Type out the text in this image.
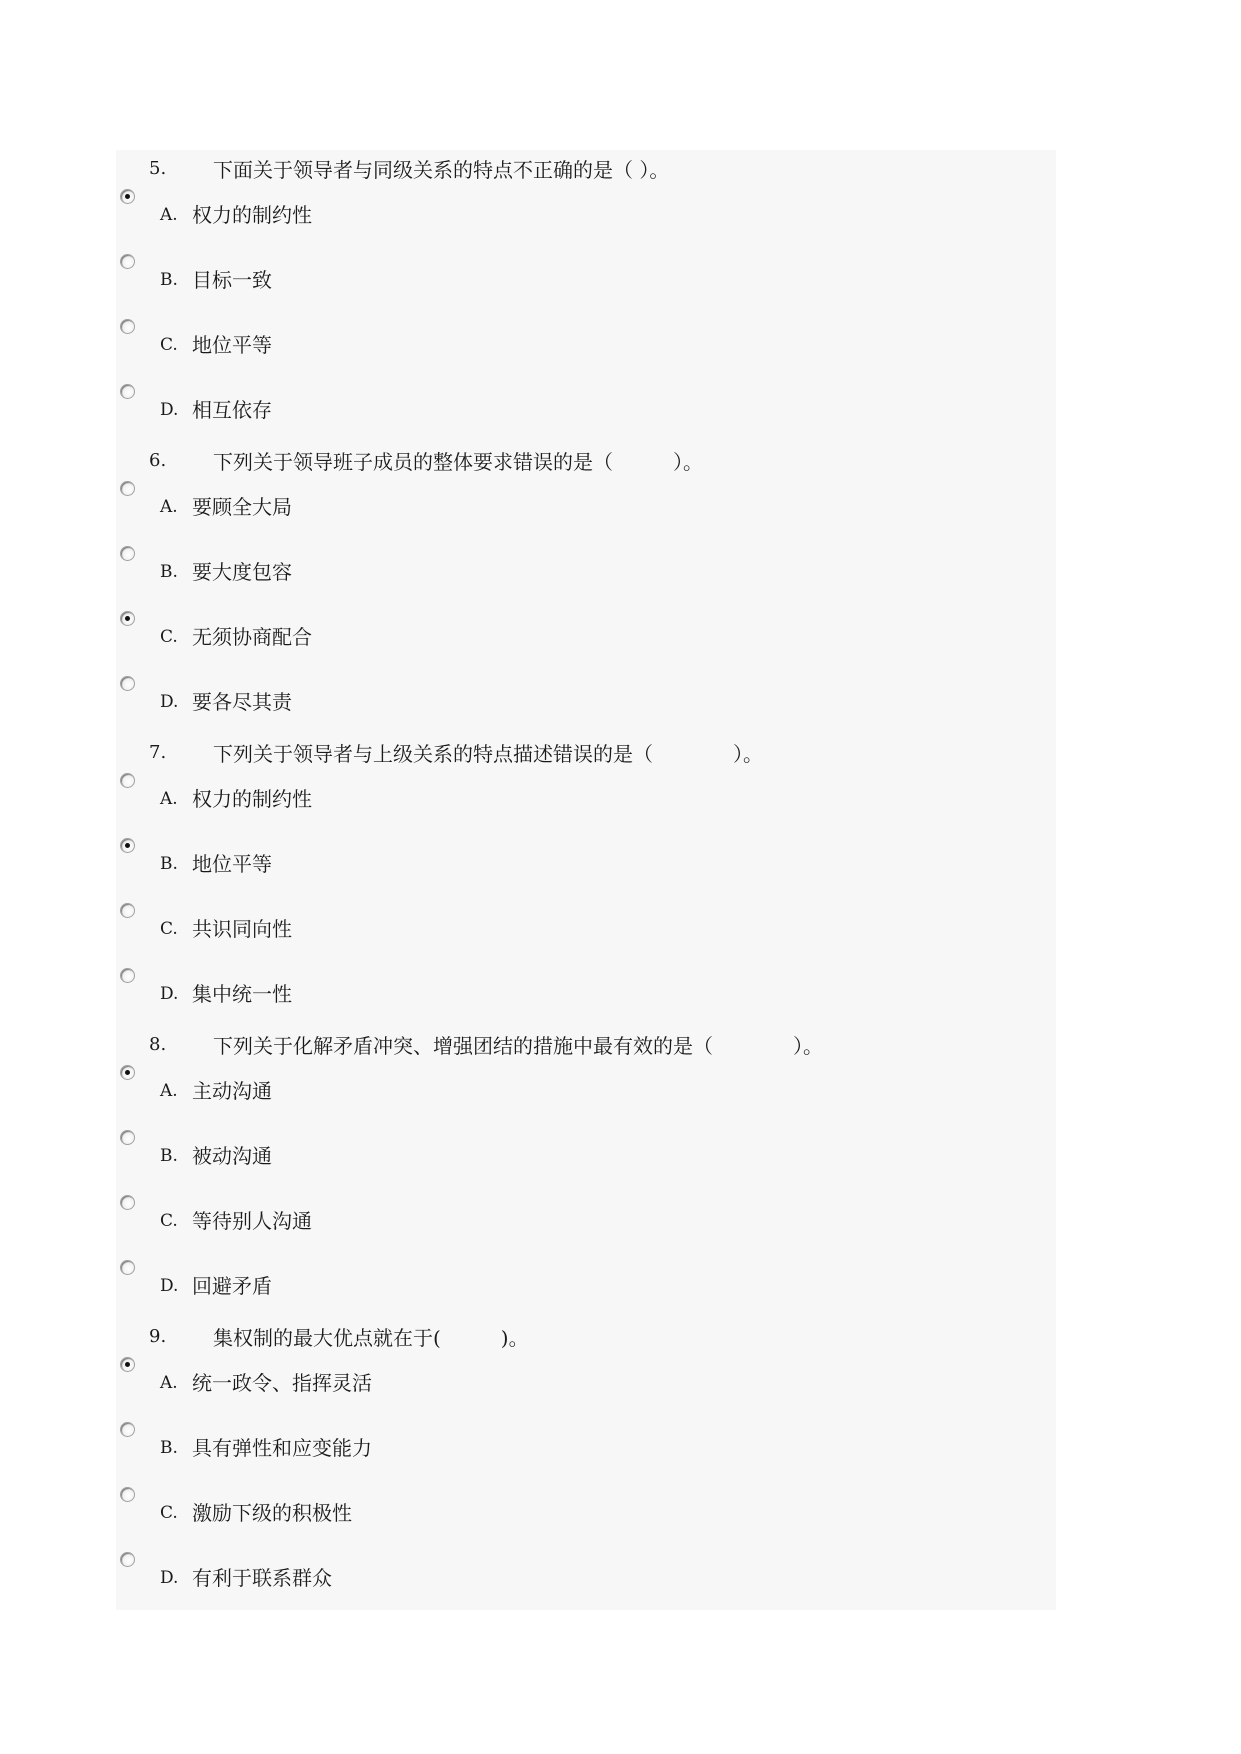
5.	下面关于领导者与同级关系的特点不正确的是（ ）。
A. 权力的制约性
B. 目标一致
C. 地位平等
D. 相互依存
6.	下列关于领导班子成员的整体要求错误的是（　　　）。
A. 要顾全大局
B. 要大度包容
C. 无须协商配合
D. 要各尽其责
7.	下列关于领导者与上级关系的特点描述错误的是（　　　　）。
A. 权力的制约性
B. 地位平等
C. 共识同向性
D. 集中统一性
8.	下列关于化解矛盾冲突、增强团结的措施中最有效的是（　　　　）。
A. 主动沟通
B. 被动沟通
C. 等待别人沟通
D. 回避矛盾
9.	集权制的最大优点就在于(　　　)。
A. 统一政令、指挥灵活
B. 具有弹性和应变能力
C. 激励下级的积极性
D. 有利于联系群众
